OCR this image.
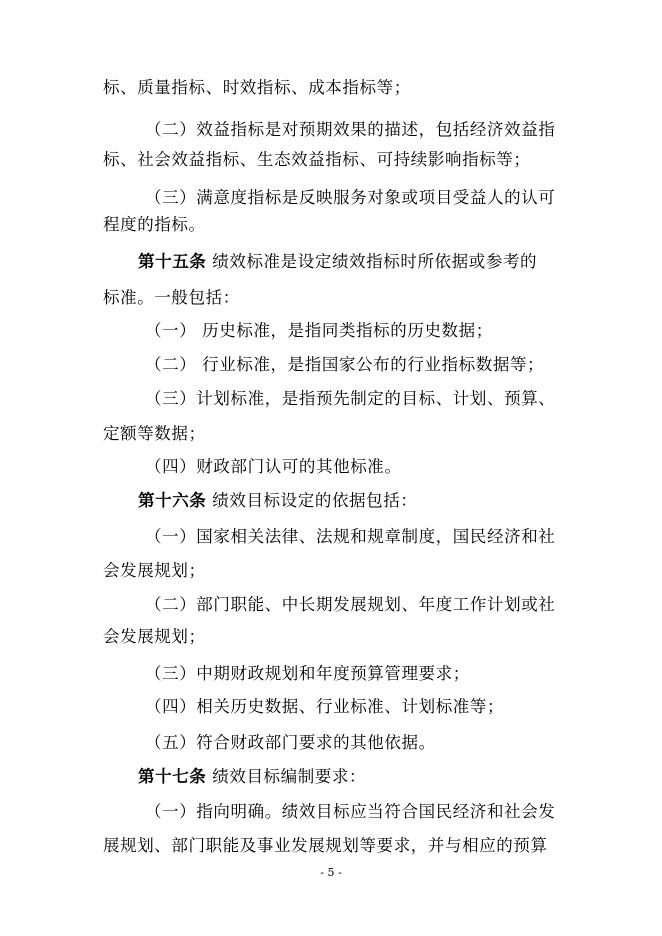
标、质量指标、时效指标、成本指标等；
（二）效益指标是对预期效果的描述，包括经济效益指
标、社会效益指标、生态效益指标、可持续影响指标等；
（三）满意度指标是反映服务对象或项目受益人的认可
程度的指标。
第十五条 绩效标准是设定绩效指标时所依据或参考的
标准。一般包括：
（一） 历史标准，是指同类指标的历史数据；
（二） 行业标准，是指国家公布的行业指标数据等；
（三）计划标准，是指预先制定的目标、计划、预算、
定额等数据；
（四）财政部门认可的其他标准。
第十六条 绩效目标设定的依据包括：
（一）国家相关法律、法规和规章制度，国民经济和社
会发展规划；
（二）部门职能、中长期发展规划、年度工作计划或社
会发展规划；
（三）中期财政规划和年度预算管理要求；
（四）相关历史数据、行业标准、计划标准等；
（五）符合财政部门要求的其他依据。
第十七条 绩效目标编制要求：
（一）指向明确。绩效目标应当符合国民经济和社会发
展规划、部门职能及事业发展规划等要求，并与相应的预算
- 5 -
